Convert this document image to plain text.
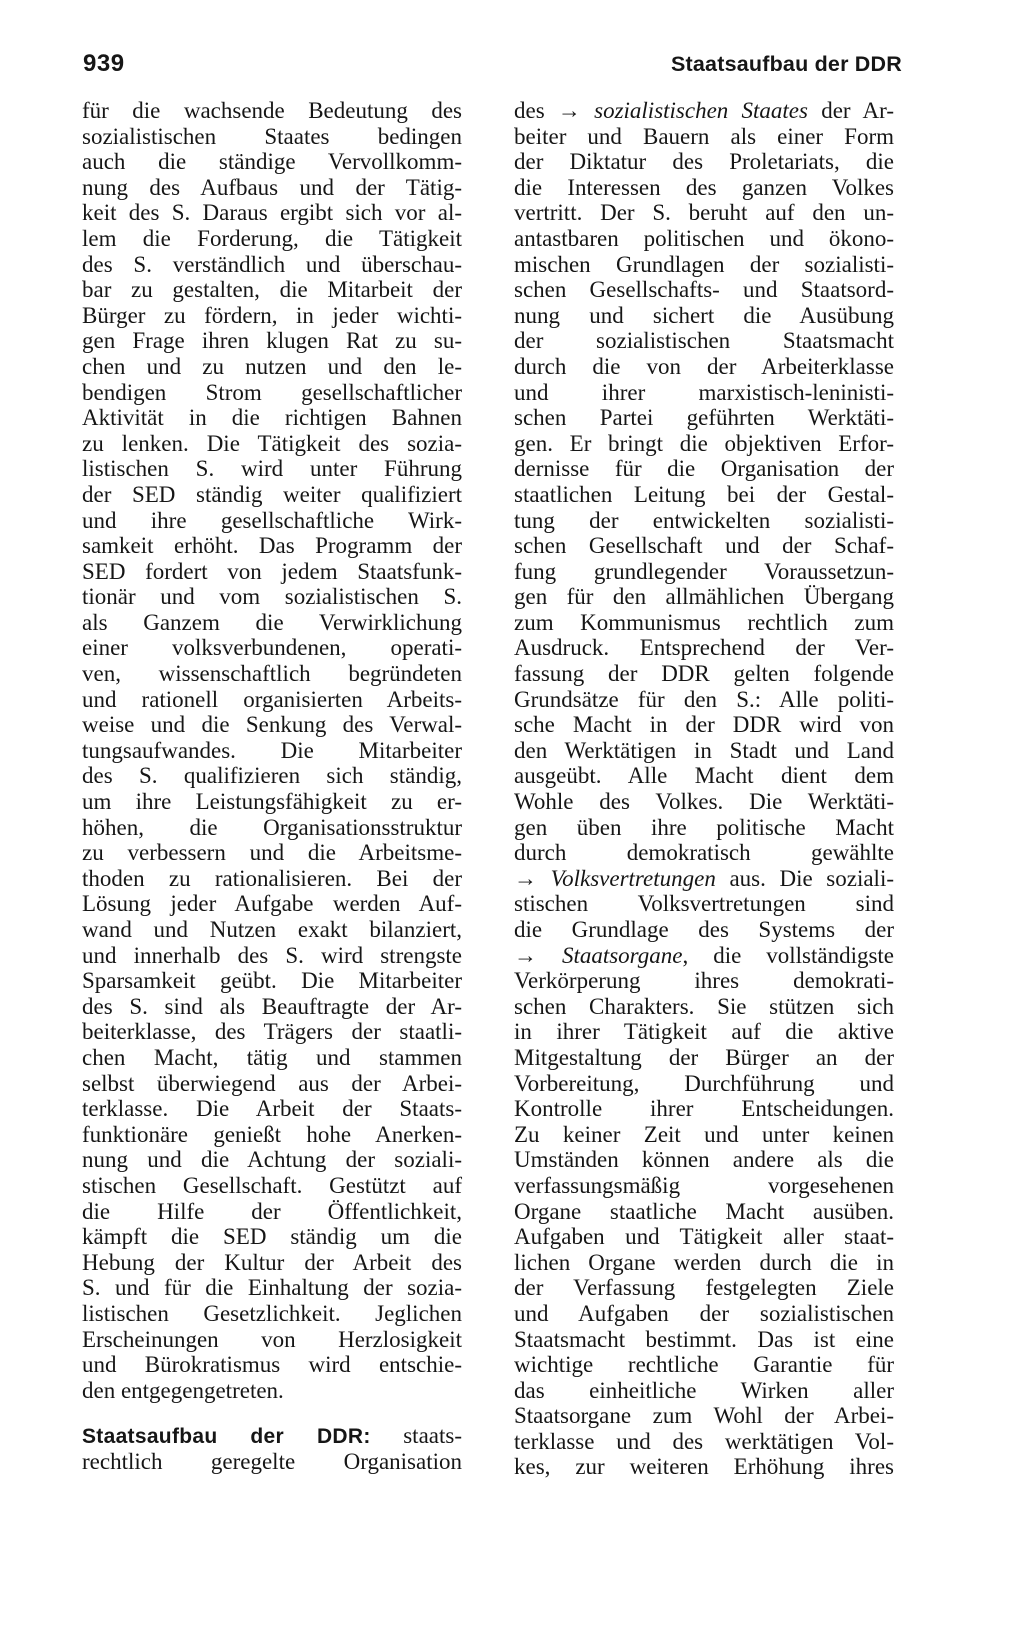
939	Staatsaufbau der DDR
für die wachsende Bedeutung des
sozialistischen Staates bedingen
auch die ständige Vervollkomm-
nung des Aufbaus und der Tätig-
keit des S. Daraus ergibt sich vor al-
lem die Forderung, die Tätigkeit
des S. verständlich und überschau-
bar zu gestalten, die Mitarbeit der
Bürger zu fördern, in jeder wichti-
gen Frage ihren klugen Rat zu su-
chen und zu nutzen und den le-
bendigen Strom gesellschaftlicher
Aktivität in die richtigen Bahnen
zu lenken. Die Tätigkeit des sozia-
listischen S. wird unter Führung
der SED ständig weiter qualifiziert
und ihre gesellschaftliche Wirk-
samkeit erhöht. Das Programm der
SED fordert von jedem Staatsfunk-
tionär und vom sozialistischen S.
als Ganzem die Verwirklichung
einer volksverbundenen, operati-
ven, wissenschaftlich begründeten
und rationell organisierten Arbeits-
weise und die Senkung des Verwal-
tungsaufwandes. Die Mitarbeiter
des S. qualifizieren sich ständig,
um ihre Leistungsfähigkeit zu er-
höhen, die Organisationsstruktur
zu verbessern und die Arbeitsme-
thoden zu rationalisieren. Bei der
Lösung jeder Aufgabe werden Auf-
wand und Nutzen exakt bilanziert,
und innerhalb des S. wird strengste
Sparsamkeit geübt. Die Mitarbeiter
des S. sind als Beauftragte der Ar-
beiterklasse, des Trägers der staatli-
chen Macht, tätig und stammen
selbst überwiegend aus der Arbei-
terklasse. Die Arbeit der Staats-
funktionäre genießt hohe Anerken-
nung und die Achtung der soziali-
stischen Gesellschaft. Gestützt auf
die Hilfe der Öffentlichkeit,
kämpft die SED ständig um die
Hebung der Kultur der Arbeit des
S. und für die Einhaltung der sozia-
listischen Gesetzlichkeit. Jeglichen
Erscheinungen von Herzlosigkeit
und Bürokratismus wird entschie-
den entgegengetreten.
Staatsaufbau der DDR: staats-
rechtlich geregelte Organisation
des → sozialistischen Staates der Ar-
beiter und Bauern als einer Form
der Diktatur des Proletariats, die
die Interessen des ganzen Volkes
vertritt. Der S. beruht auf den un-
antastbaren politischen und ökono-
mischen Grundlagen der sozialisti-
schen Gesellschafts- und Staatsord-
nung und sichert die Ausübung
der sozialistischen Staatsmacht
durch die von der Arbeiterklasse
und ihrer marxistisch-leninisti-
schen Partei geführten Werktäti-
gen. Er bringt die objektiven Erfor-
dernisse für die Organisation der
staatlichen Leitung bei der Gestal-
tung der entwickelten sozialisti-
schen Gesellschaft und der Schaf-
fung grundlegender Voraussetzun-
gen für den allmählichen Übergang
zum Kommunismus rechtlich zum
Ausdruck. Entsprechend der Ver-
fassung der DDR gelten folgende
Grundsätze für den S.: Alle politi-
sche Macht in der DDR wird von
den Werktätigen in Stadt und Land
ausgeübt. Alle Macht dient dem
Wohle des Volkes. Die Werktäti-
gen üben ihre politische Macht
durch demokratisch gewählte
→ Volksvertretungen aus. Die soziali-
stischen Volksvertretungen sind
die Grundlage des Systems der
→ Staatsorgane, die vollständigste
Verkörperung ihres demokrati-
schen Charakters. Sie stützen sich
in ihrer Tätigkeit auf die aktive
Mitgestaltung der Bürger an der
Vorbereitung, Durchführung und
Kontrolle ihrer Entscheidungen.
Zu keiner Zeit und unter keinen
Umständen können andere als die
verfassungsmäßig vorgesehenen
Organe staatliche Macht ausüben.
Aufgaben und Tätigkeit aller staat-
lichen Organe werden durch die in
der Verfassung festgelegten Ziele
und Aufgaben der sozialistischen
Staatsmacht bestimmt. Das ist eine
wichtige rechtliche Garantie für
das einheitliche Wirken aller
Staatsorgane zum Wohl der Arbei-
terklasse und des werktätigen Vol-
kes, zur weiteren Erhöhung ihres
